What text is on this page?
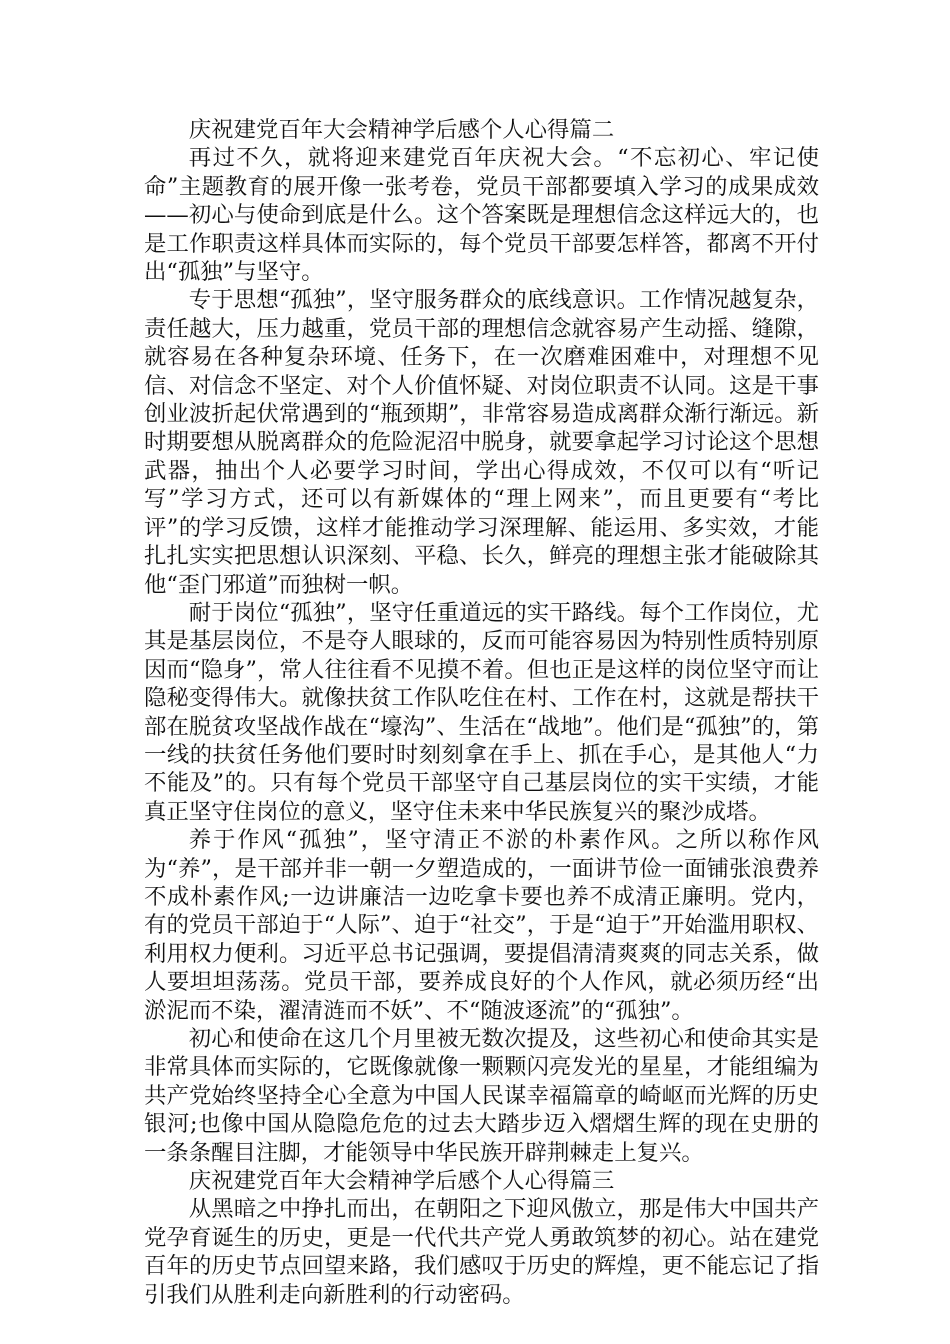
庆祝建党百年大会精神学后感个人心得篇二

再过不久，就将迎来建党百年庆祝大会。“不忘初心、牢记使命”主题教育的展开像一张考卷，党员干部都要填入学习的成果成效——初心与使命到底是什么。这个答案既是理想信念这样远大的，也是工作职责这样具体而实际的，每个党员干部要怎样答，都离不开付出“孤独”与坚守。

专于思想“孤独”，坚守服务群众的底线意识。工作情况越复杂，责任越大，压力越重，党员干部的理想信念就容易产生动摇、缝隙，就容易在各种复杂环境、任务下，在一次磨难困难中，对理想不见信、对信念不坚定、对个人价值怀疑、对岗位职责不认同。这是干事创业波折起伏常遇到的“瓶颈期”，非常容易造成离群众渐行渐远。新时期要想从脱离群众的危险泥沼中脱身，就要拿起学习讨论这个思想武器，抽出个人必要学习时间，学出心得成效，不仅可以有“听记写”学习方式，还可以有新媒体的“理上网来”，而且更要有“考比评”的学习反馈，这样才能推动学习深理解、能运用、多实效，才能扎扎实实把思想认识深刻、平稳、长久，鲜亮的理想主张才能破除其他“歪门邪道”而独树一帜。

耐于岗位“孤独”，坚守任重道远的实干路线。每个工作岗位，尤其是基层岗位，不是夺人眼球的，反而可能容易因为特别性质特别原因而“隐身”，常人往往看不见摸不着。但也正是这样的岗位坚守而让隐秘变得伟大。就像扶贫工作队吃住在村、工作在村，这就是帮扶干部在脱贫攻坚战作战在“壕沟”、生活在“战地”。他们是“孤独”的，第一线的扶贫任务他们要时时刻刻拿在手上、抓在手心，是其他人“力不能及”的。只有每个党员干部坚守自己基层岗位的实干实绩，才能真正坚守住岗位的意义，坚守住未来中华民族复兴的聚沙成塔。

养于作风“孤独”，坚守清正不淤的朴素作风。之所以称作风为“养”，是干部并非一朝一夕塑造成的，一面讲节俭一面铺张浪费养不成朴素作风;一边讲廉洁一边吃拿卡要也养不成清正廉明。党内，有的党员干部迫于“人际”、迫于“社交”，于是“迫于”开始滥用职权、利用权力便利。习近平总书记强调，要提倡清清爽爽的同志关系，做人要坦坦荡荡。党员干部，要养成良好的个人作风，就必须历经“出淤泥而不染，濯清涟而不妖”、不“随波逐流”的“孤独”。

初心和使命在这几个月里被无数次提及，这些初心和使命其实是非常具体而实际的，它既像就像一颗颗闪亮发光的星星，才能组编为共产党始终坚持全心全意为中国人民谋幸福篇章的崎岖而光辉的历史银河;也像中国从隐隐危危的过去大踏步迈入熠熠生辉的现在史册的一条条醒目注脚，才能领导中华民族开辟荆棘走上复兴。

庆祝建党百年大会精神学后感个人心得篇三

从黑暗之中挣扎而出，在朝阳之下迎风傲立，那是伟大中国共产党孕育诞生的历史，更是一代代共产党人勇敢筑梦的初心。站在建党百年的历史节点回望来路，我们感叹于历史的辉煌，更不能忘记了指引我们从胜利走向新胜利的行动密码。
